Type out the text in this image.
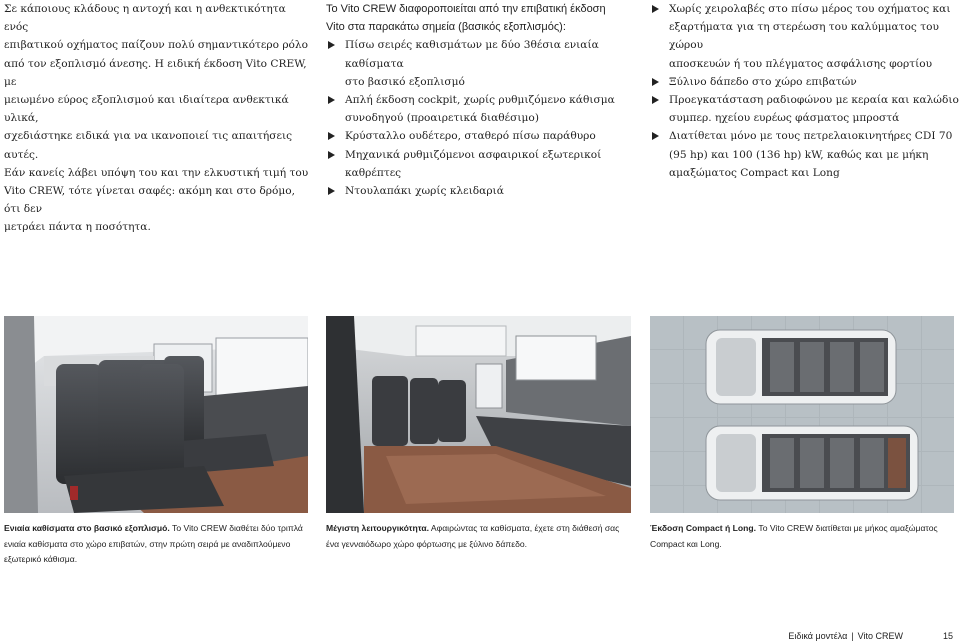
Σε κάποιους κλάδους η αντοχή και η ανθεκτικότητα ενός
επιβατικού οχήματος παίζουν πολύ σημαντικότερο ρόλο
από τον εξοπλισμό άνεσης. Η ειδική έκδοση Vito CREW, με
μειωμένο εύρος εξοπλισμού και ιδιαίτερα ανθεκτικά υλικά,
σχεδιάστηκε ειδικά για να ικανοποιεί τις απαιτήσεις αυτές.
Εάν κανείς λάβει υπόψη του και την ελκυστική τιμή του
Vito CREW, τότε γίνεται σαφές: ακόμη και στο δρόμο, ότι δεν
μετράει πάντα η ποσότητα.
Το Vito CREW διαφοροποιείται από την επιβατική έκδοση
Vito στα παρακάτω σημεία (βασικός εξοπλισμός):
Πίσω σειρές καθισμάτων με δύο 3θέσια ενιαία καθίσματα
στο βασικό εξοπλισμό
Απλή έκδοση cockpit, χωρίς ρυθμιζόμενο κάθισμα
συνοδηγού (προαιρετικά διαθέσιμο)
Κρύσταλλο ουδέτερο, σταθερό πίσω παράθυρο
Μηχανικά ρυθμιζόμενοι ασφαιρικοί εξωτερικοί καθρέπτες
Ντουλαπάκι χωρίς κλειδαριά
Χωρίς χειρολαβές στο πίσω μέρος του οχήματος και
εξαρτήματα για τη στερέωση του καλύμματος του χώρου
αποσκευών ή του πλέγματος ασφάλισης φορτίου
Ξύλινο δάπεδο στο χώρο επιβατών
Προεγκατάσταση ραδιοφώνου με κεραία και καλώδιο
συμπερ. ηχείου ευρέως φάσματος μπροστά
Διατίθεται μόνο με τους πετρελαιοκινητήρες CDI 70
(95 hp) και 100 (136 hp) kW, καθώς και με μήκη
αμαξώματος Compact και Long
Ενιαία καθίσματα στο βασικό εξοπλισμό. Το Vito CREW διαθέτει δύο τριπλά
ενιαία καθίσματα στο χώρο επιβατών, στην πρώτη σειρά με αναδιπλούμενο
εξωτερικό κάθισμα.
Μέγιστη λειτουργικότητα. Αφαιρώντας τα καθίσματα, έχετε στη διάθεσή σας
ένα γενναιόδωρο χώρο φόρτωσης με ξύλινο δάπεδο.
Έκδοση Compact ή Long. Το Vito CREW διατίθεται με μήκος αμαξώματος
Compact και Long.
Ειδικά μοντέλα | Vito CREW	15
